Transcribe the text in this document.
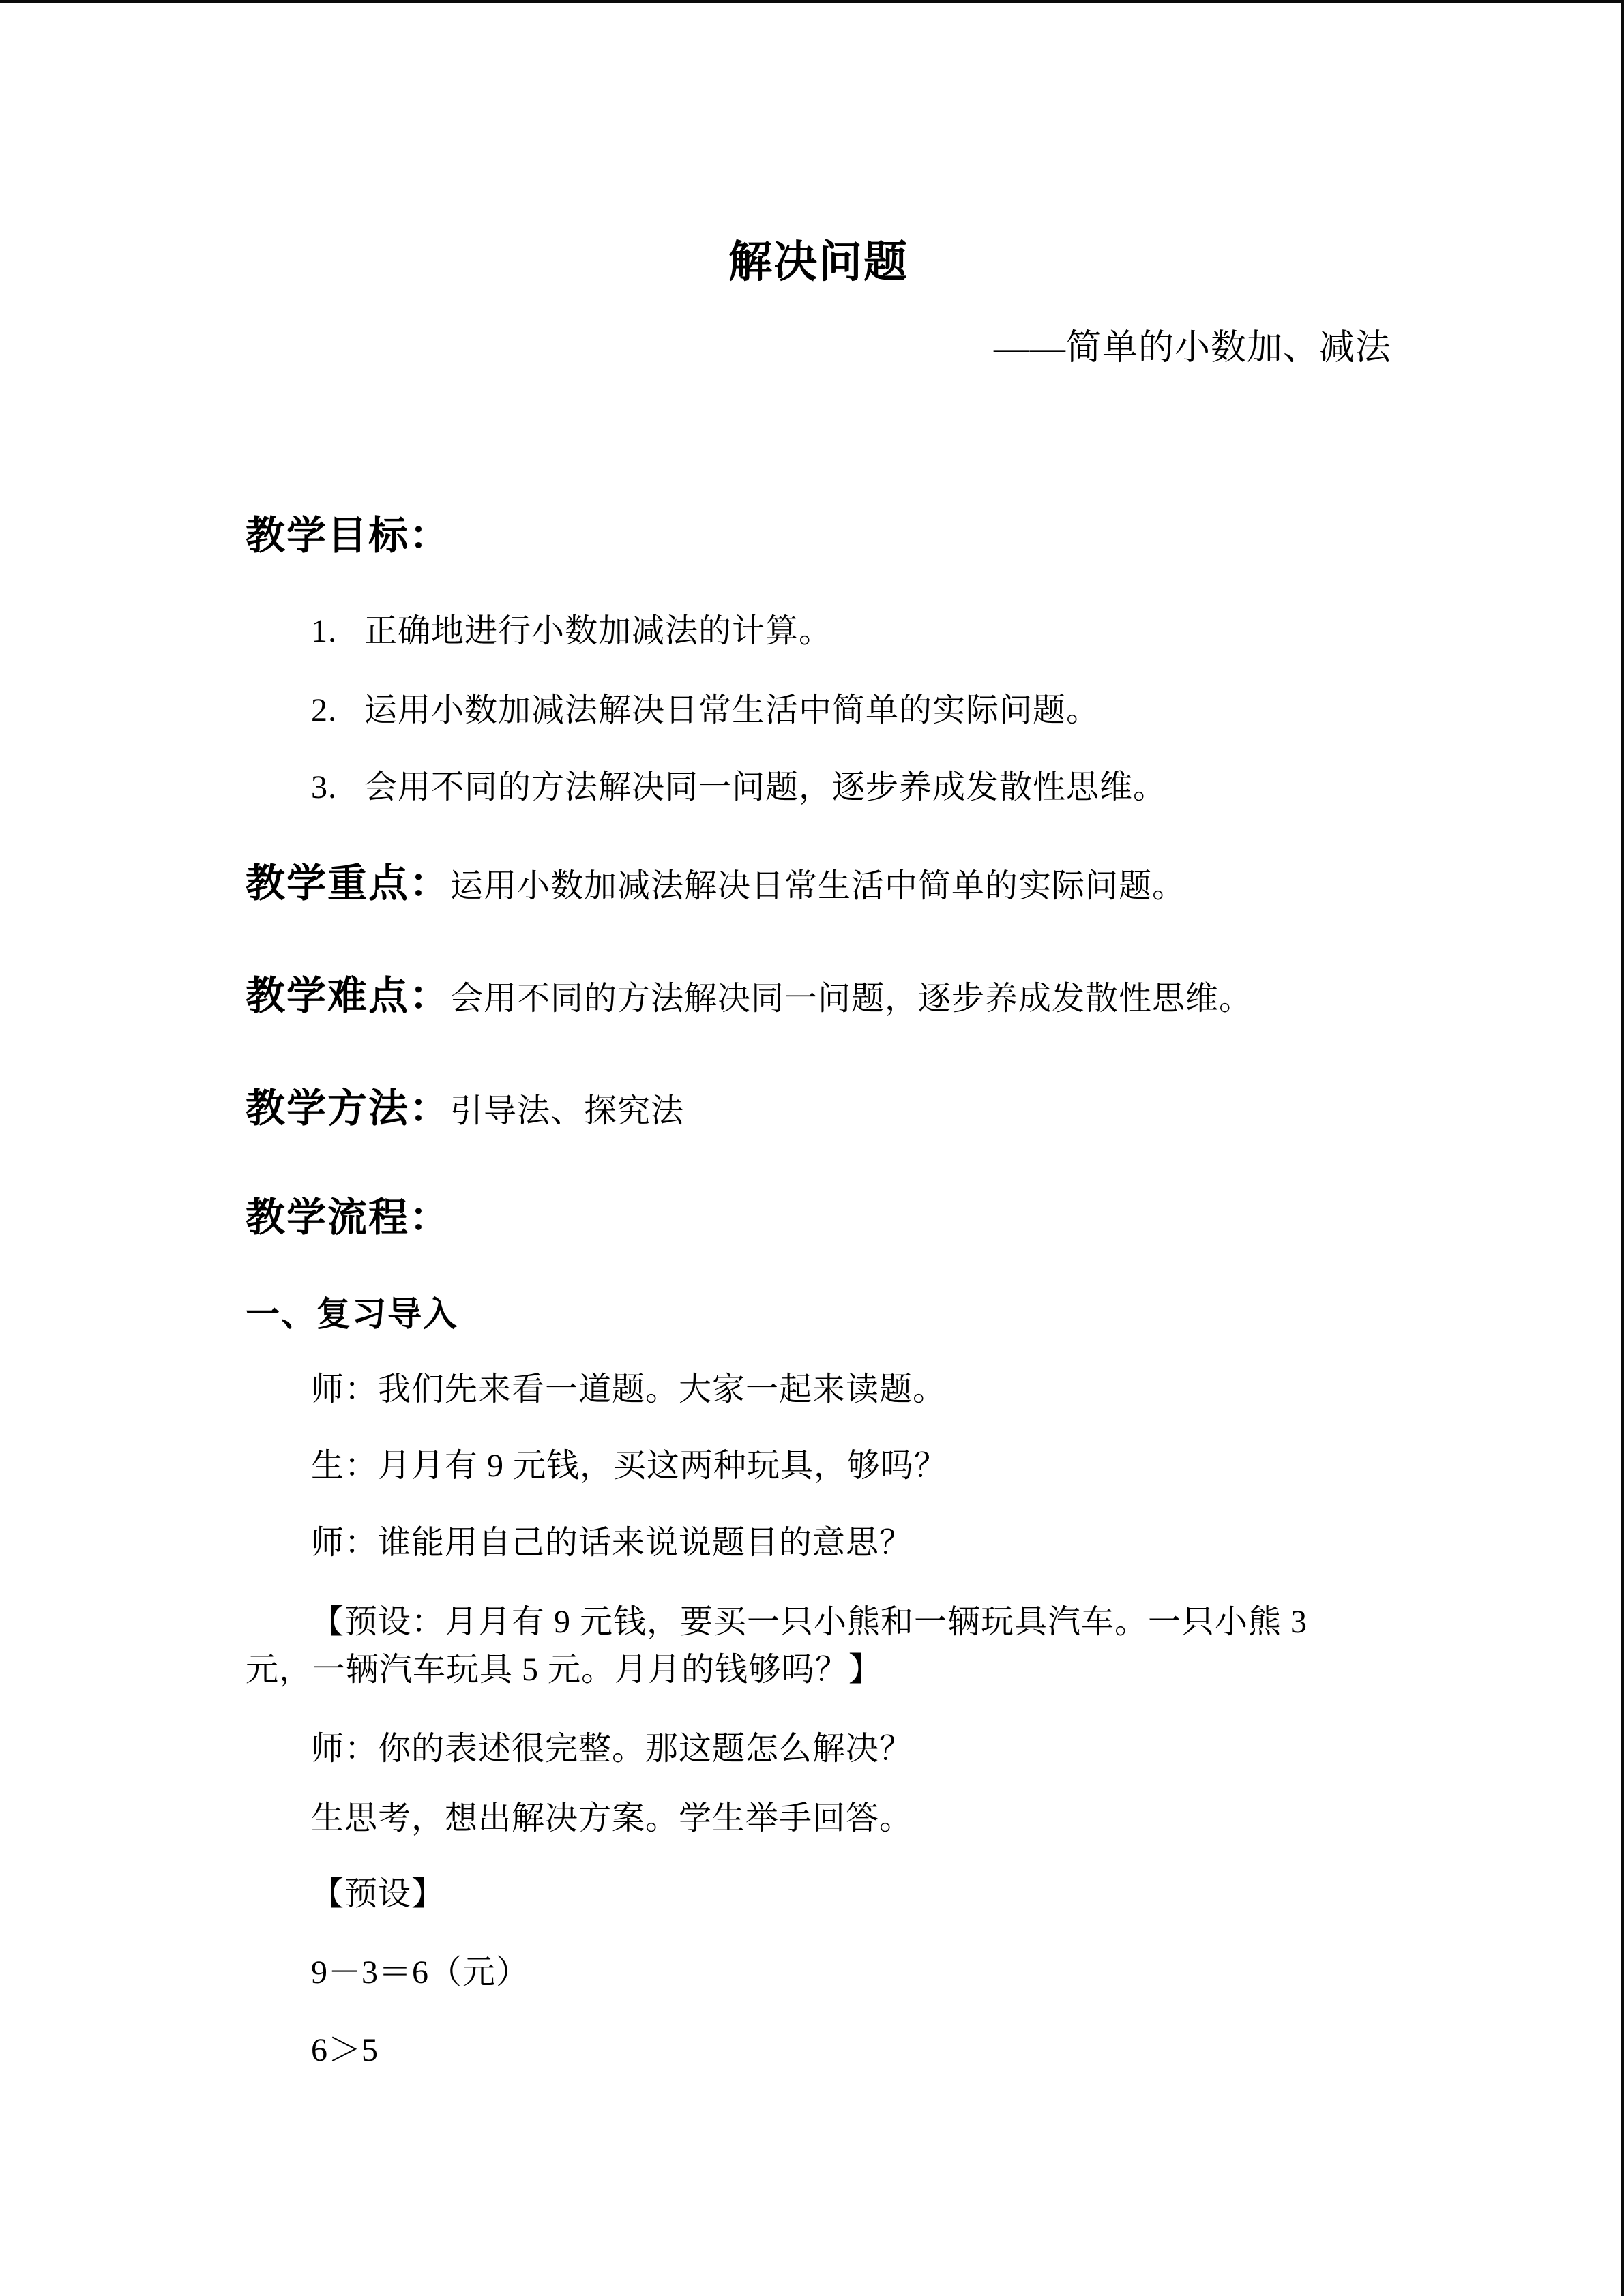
解决问题
——简单的小数加、减法
教学目标：
1. 正确地进行小数加减法的计算。
2. 运用小数加减法解决日常生活中简单的实际问题。
3. 会用不同的方法解决同一问题，逐步养成发散性思维。
教学重点：运用小数加减法解决日常生活中简单的实际问题。
教学难点：会用不同的方法解决同一问题，逐步养成发散性思维。
教学方法：引导法、探究法
教学流程：
一、复习导入
师：我们先来看一道题。大家一起来读题。
生：月月有 9 元钱，买这两种玩具，够吗？
师：谁能用自己的话来说说题目的意思？
【预设：月月有 9 元钱，要买一只小熊和一辆玩具汽车。一只小熊 3 元，一辆汽车玩具 5 元。月月的钱够吗？】
师：你的表述很完整。那这题怎么解决？
生思考，想出解决方案。学生举手回答。
【预设】
9－3＝6（元）
6＞5
